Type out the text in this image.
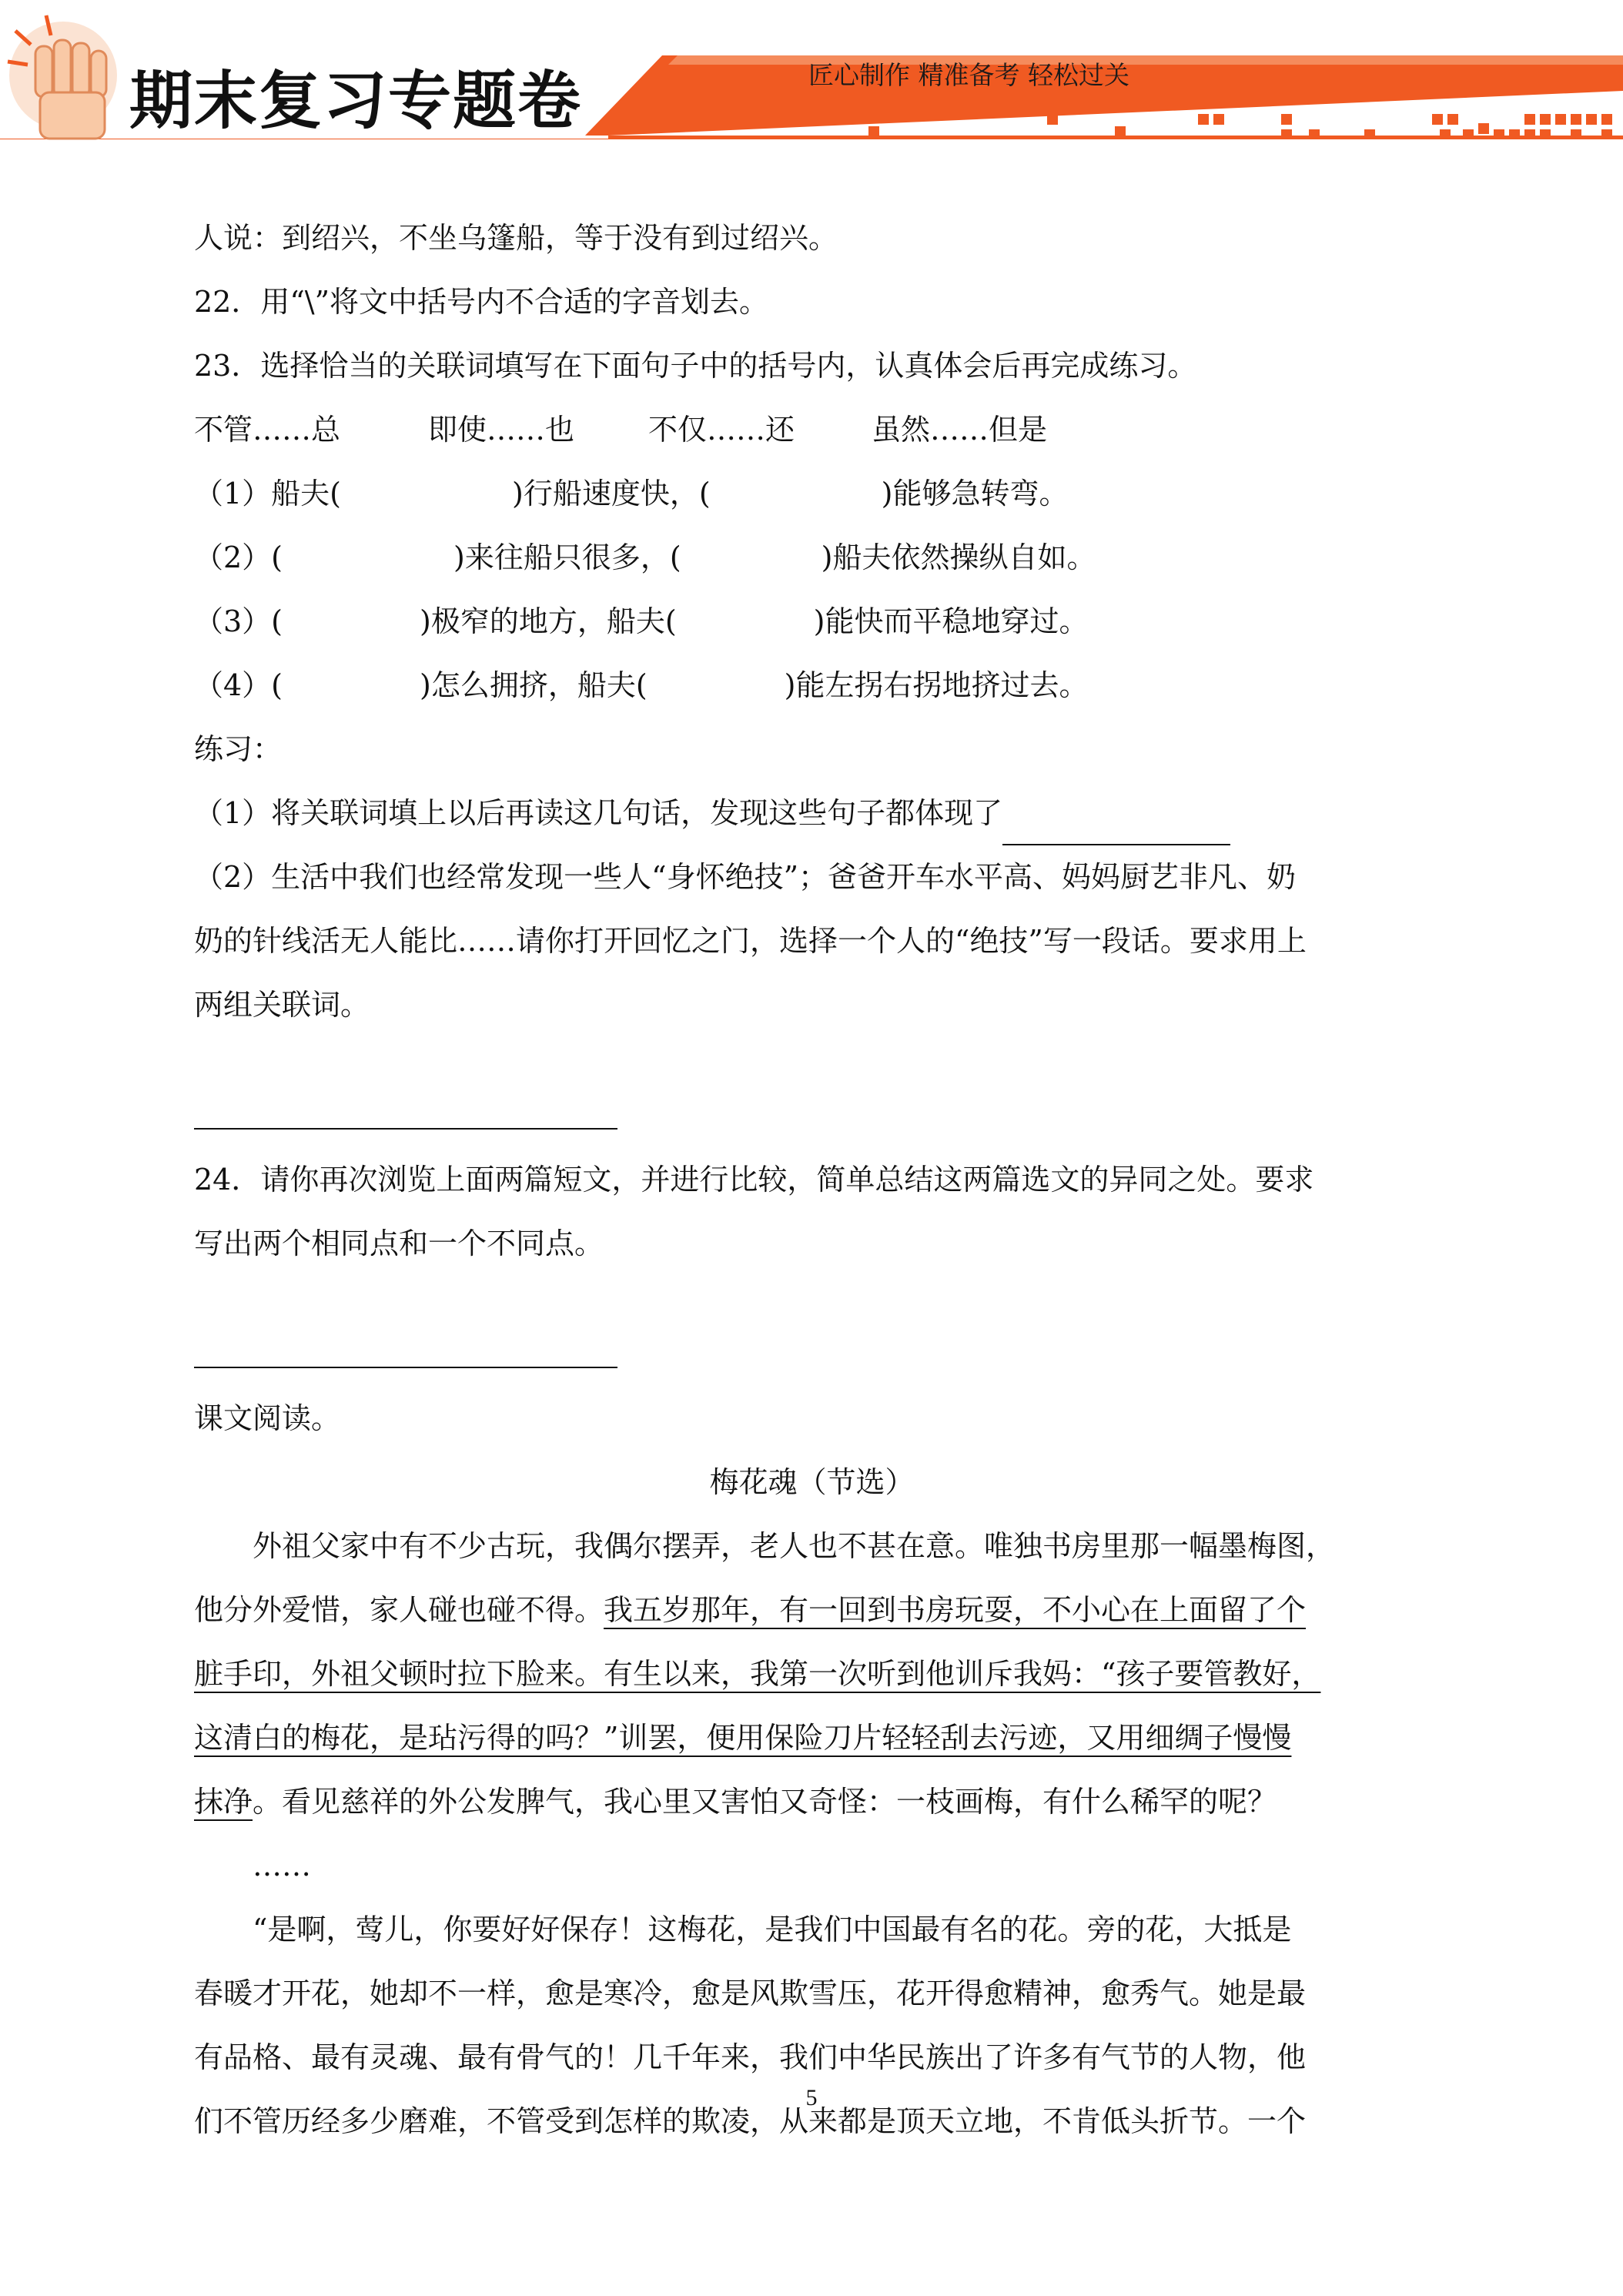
期末复习专题卷	匠心制作 精准备考 轻松过关
人说：到绍兴，不坐乌篷船，等于没有到过绍兴。
22．用“\”将文中括号内不合适的字音划去。
23．选择恰当的关联词填写在下面句子中的括号内，认真体会后再完成练习。
不管……总	即使……也	不仅……还	虽然……但是
（1）船夫(	)行船速度快，(	)能够急转弯。
（2）(	)来往船只很多，(	)船夫依然操纵自如。
（3）(	)极窄的地方，船夫(	)能快而平稳地穿过。
（4）(	)怎么拥挤，船夫(	)能左拐右拐地挤过去。
练习：
（1）将关联词填上以后再读这几句话，发现这些句子都体现了
（2）生活中我们也经常发现一些人“身怀绝技”；爸爸开车水平高、妈妈厨艺非凡、奶
奶的针线活无人能比……请你打开回忆之门，选择一个人的“绝技”写一段话。要求用上
两组关联词。
24．请你再次浏览上面两篇短文，并进行比较，简单总结这两篇选文的异同之处。要求
写出两个相同点和一个不同点。
课文阅读。
梅花魂（节选）
外祖父家中有不少古玩，我偶尔摆弄，老人也不甚在意。唯独书房里那一幅墨梅图，
他分外爱惜，家人碰也碰不得。我五岁那年，有一回到书房玩耍，不小心在上面留了个
脏手印，外祖父顿时拉下脸来。有生以来，我第一次听到他训斥我妈：“孩子要管教好，
这清白的梅花，是玷污得的吗？”训罢，便用保险刀片轻轻刮去污迹，又用细绸子慢慢
抹净。看见慈祥的外公发脾气，我心里又害怕又奇怪：一枝画梅，有什么稀罕的呢？
……
“是啊，莺儿，你要好好保存！这梅花，是我们中国最有名的花。旁的花，大抵是
春暖才开花，她却不一样，愈是寒冷，愈是风欺雪压，花开得愈精神，愈秀气。她是最
有品格、最有灵魂、最有骨气的！几千年来，我们中华民族出了许多有气节的人物，他
们不管历经多少磨难，不管受到怎样的欺凌，从来都是顶天立地，不肯低头折节。一个
5
